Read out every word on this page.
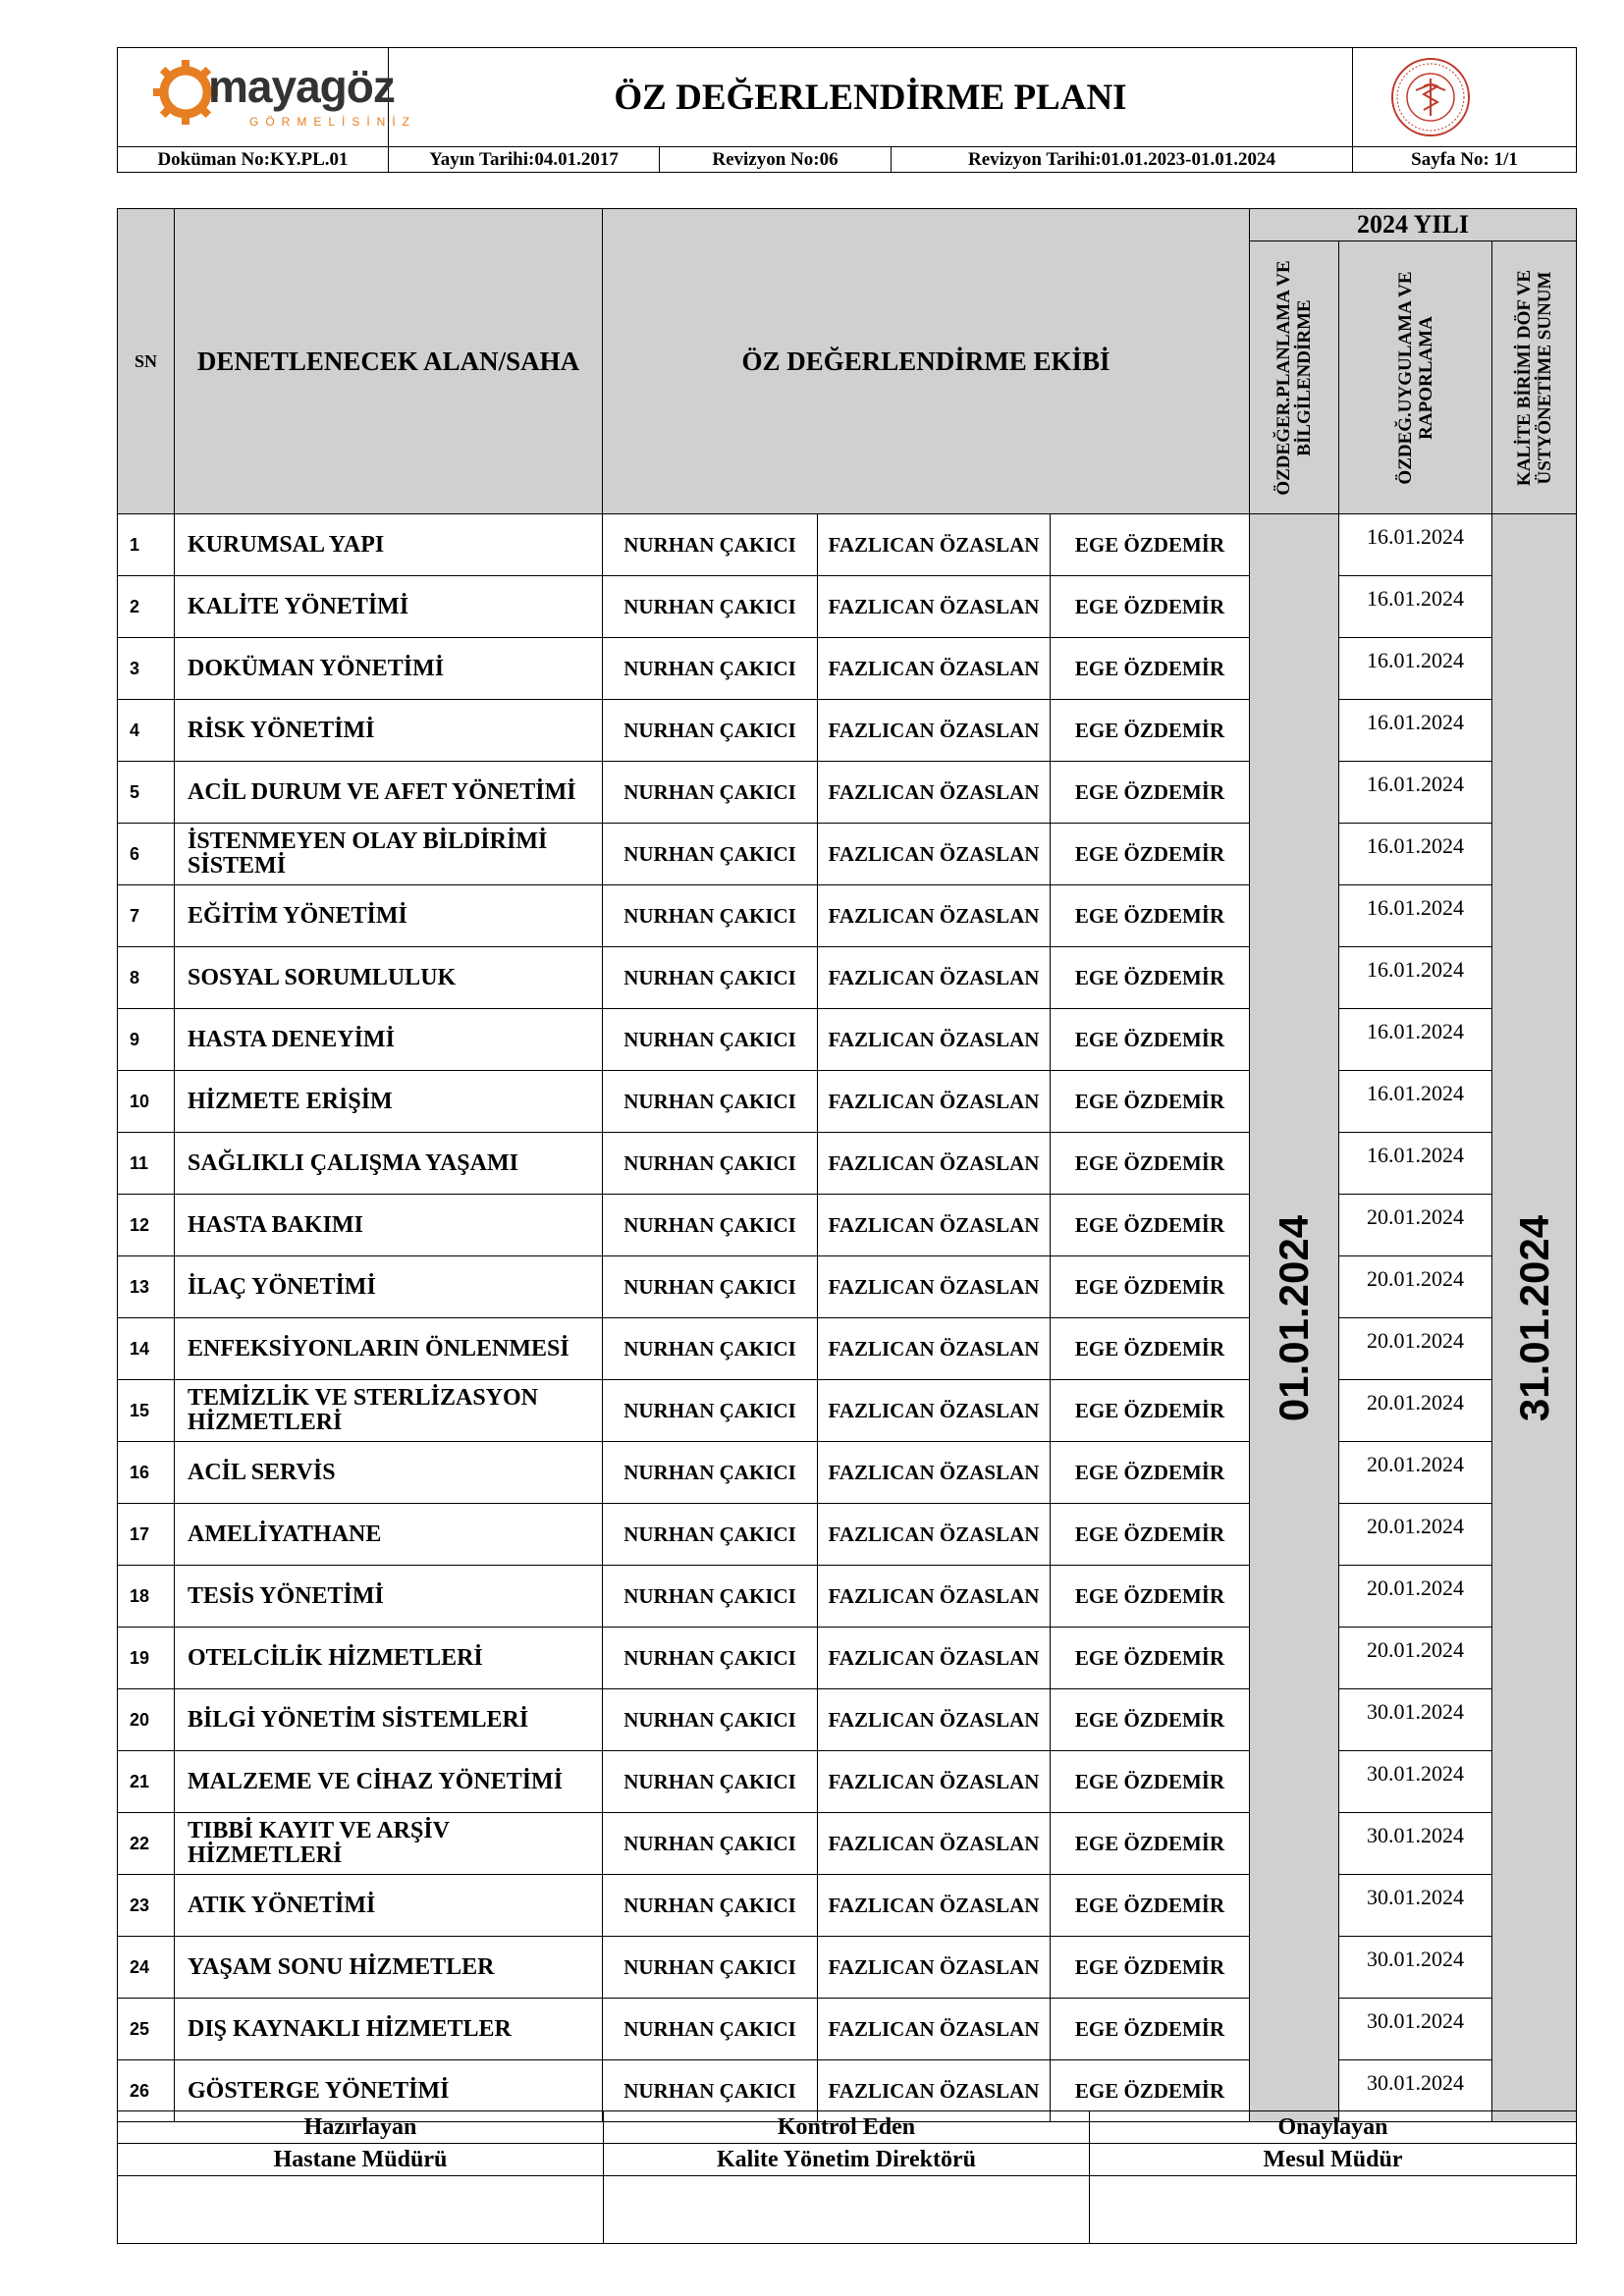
mayagöz
GÖRMELİSİNİZ	ÖZ DEĞERLENDİRME PLANI	

Doküman No:KY.PL.01	Yayın Tarihi:04.01.2017	Revizyon No:06	Revizyon Tarihi:01.01.2023-01.01.2024	Sayfa No: 1/1
SN	DENETLENECEK ALAN/SAHA	ÖZ DEĞERLENDİRME EKİBİ			2024 YILI		

					ÖZDEĞER.PLANLAMA VE BİLGİLENDİRME	ÖZDEĞ.UYGULAMA VE RAPORLAMA	KALİTE BİRİMİ DÖF VE ÜSTYÖNETİME SUNUM

1	KURUMSAL YAPI	NURHAN ÇAKICI	FAZLICAN ÖZASLAN	EGE ÖZDEMİR	01.01.2024	16.01.2024	31.01.2024

2	KALİTE YÖNETİMİ	NURHAN ÇAKICI	FAZLICAN ÖZASLAN	EGE ÖZDEMİR		16.01.2024	
3	DOKÜMAN YÖNETİMİ	NURHAN ÇAKICI	FAZLICAN ÖZASLAN	EGE ÖZDEMİR		16.01.2024	
4	RİSK YÖNETİMİ	NURHAN ÇAKICI	FAZLICAN ÖZASLAN	EGE ÖZDEMİR		16.01.2024	
5	ACİL DURUM VE AFET YÖNETİMİ	NURHAN ÇAKICI	FAZLICAN ÖZASLAN	EGE ÖZDEMİR		16.01.2024	
6	İSTENMEYEN OLAY BİLDİRİMİ SİSTEMİ	NURHAN ÇAKICI	FAZLICAN ÖZASLAN	EGE ÖZDEMİR		16.01.2024	
7	EĞİTİM YÖNETİMİ	NURHAN ÇAKICI	FAZLICAN ÖZASLAN	EGE ÖZDEMİR		16.01.2024	
8	SOSYAL SORUMLULUK	NURHAN ÇAKICI	FAZLICAN ÖZASLAN	EGE ÖZDEMİR		16.01.2024	
9	HASTA DENEYİMİ	NURHAN ÇAKICI	FAZLICAN ÖZASLAN	EGE ÖZDEMİR		16.01.2024	
10	HİZMETE ERİŞİM	NURHAN ÇAKICI	FAZLICAN ÖZASLAN	EGE ÖZDEMİR		16.01.2024	
11	SAĞLIKLI ÇALIŞMA YAŞAMI	NURHAN ÇAKICI	FAZLICAN ÖZASLAN	EGE ÖZDEMİR		16.01.2024	
12	HASTA BAKIMI	NURHAN ÇAKICI	FAZLICAN ÖZASLAN	EGE ÖZDEMİR		20.01.2024	
13	İLAÇ YÖNETİMİ	NURHAN ÇAKICI	FAZLICAN ÖZASLAN	EGE ÖZDEMİR		20.01.2024	
14	ENFEKSİYONLARIN ÖNLENMESİ	NURHAN ÇAKICI	FAZLICAN ÖZASLAN	EGE ÖZDEMİR		20.01.2024	
15	TEMİZLİK VE STERLİZASYON HİZMETLERİ	NURHAN ÇAKICI	FAZLICAN ÖZASLAN	EGE ÖZDEMİR		20.01.2024	
16	ACİL SERVİS	NURHAN ÇAKICI	FAZLICAN ÖZASLAN	EGE ÖZDEMİR		20.01.2024	
17	AMELİYATHANE	NURHAN ÇAKICI	FAZLICAN ÖZASLAN	EGE ÖZDEMİR		20.01.2024	
18	TESİS YÖNETİMİ	NURHAN ÇAKICI	FAZLICAN ÖZASLAN	EGE ÖZDEMİR		20.01.2024	
19	OTELCİLİK HİZMETLERİ	NURHAN ÇAKICI	FAZLICAN ÖZASLAN	EGE ÖZDEMİR		20.01.2024	
20	BİLGİ YÖNETİM SİSTEMLERİ	NURHAN ÇAKICI	FAZLICAN ÖZASLAN	EGE ÖZDEMİR		30.01.2024	
21	MALZEME VE CİHAZ YÖNETİMİ	NURHAN ÇAKICI	FAZLICAN ÖZASLAN	EGE ÖZDEMİR		30.01.2024	
22	TIBBİ KAYIT VE ARŞİV HİZMETLERİ	NURHAN ÇAKICI	FAZLICAN ÖZASLAN	EGE ÖZDEMİR		30.01.2024	
23	ATIK YÖNETİMİ	NURHAN ÇAKICI	FAZLICAN ÖZASLAN	EGE ÖZDEMİR		30.01.2024	
24	YAŞAM SONU HİZMETLER	NURHAN ÇAKICI	FAZLICAN ÖZASLAN	EGE ÖZDEMİR		30.01.2024	
25	DIŞ KAYNAKLI HİZMETLER	NURHAN ÇAKICI	FAZLICAN ÖZASLAN	EGE ÖZDEMİR		30.01.2024	
26	GÖSTERGE YÖNETİMİ	NURHAN ÇAKICI	FAZLICAN ÖZASLAN	EGE ÖZDEMİR		30.01.2024	
Hazırlayan	Kontrol Eden	Onaylayan
Hastane Müdürü	Kalite Yönetim Direktörü	Mesul Müdür
